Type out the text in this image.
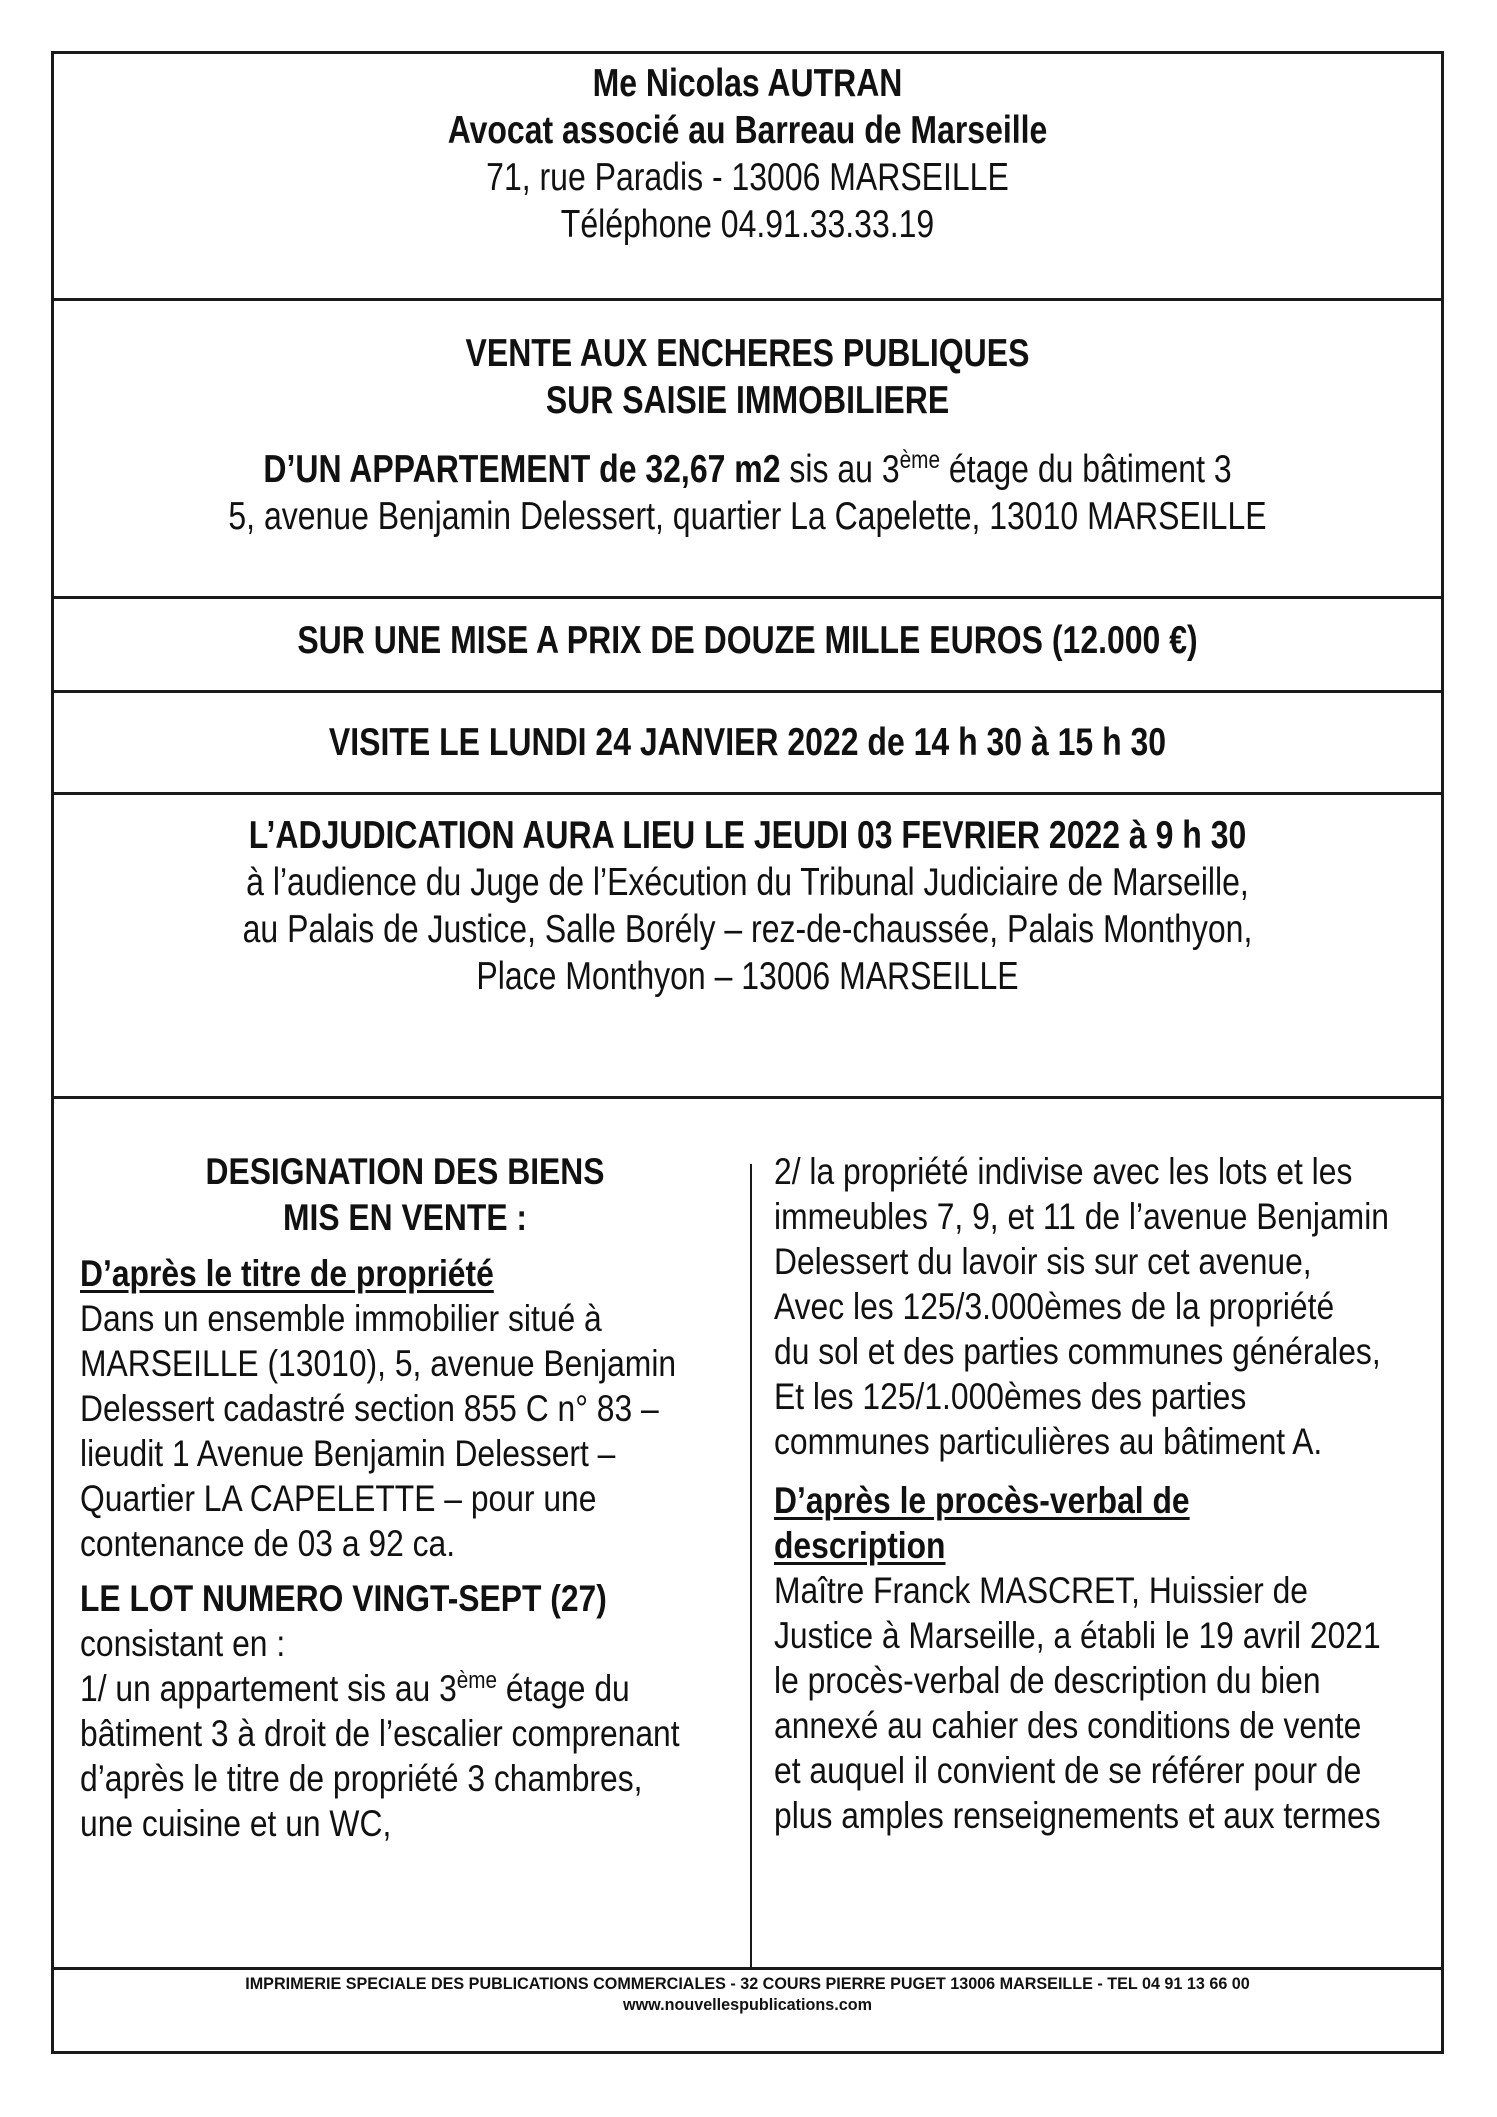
Me Nicolas AUTRAN
Avocat associé au Barreau de Marseille
71, rue Paradis - 13006 MARSEILLE
Téléphone 04.91.33.33.19
VENTE AUX ENCHERES PUBLIQUES
SUR SAISIE IMMOBILIERE
D’UN APPARTEMENT de 32,67 m2 sis au 3ème étage du bâtiment 3
5, avenue Benjamin Delessert, quartier La Capelette, 13010 MARSEILLE
SUR UNE MISE A PRIX DE DOUZE MILLE EUROS (12.000 €)
VISITE LE LUNDI 24 JANVIER 2022 de 14 h 30 à 15 h 30
L’ADJUDICATION AURA LIEU LE JEUDI 03 FEVRIER 2022 à 9 h 30
à l’audience du Juge de l’Exécution du Tribunal Judiciaire de Marseille,
au Palais de Justice, Salle Borély – rez-de-chaussée, Palais Monthyon,
Place Monthyon – 13006 MARSEILLE
DESIGNATION DES BIENS
MIS EN VENTE :
D’après le titre de propriété
Dans un ensemble immobilier situé à
MARSEILLE (13010), 5, avenue Benjamin
Delessert cadastré section 855 C n° 83 –
lieudit 1 Avenue Benjamin Delessert –
Quartier LA CAPELETTE – pour une
contenance de 03 a 92 ca.
LE LOT NUMERO VINGT-SEPT (27)
consistant en :
1/ un appartement sis au 3ème étage du
bâtiment 3 à droit de l’escalier comprenant
d’après le titre de propriété 3 chambres,
une cuisine et un WC,
2/ la propriété indivise avec les lots et les
immeubles 7, 9, et 11 de l’avenue Benjamin
Delessert du lavoir sis sur cet avenue,
Avec les 125/3.000èmes de la propriété
du sol et des parties communes générales,
Et les 125/1.000èmes des parties
communes particulières au bâtiment A.
D’après le procès-verbal de
description
Maître Franck MASCRET, Huissier de
Justice à Marseille, a établi le 19 avril 2021
le procès-verbal de description du bien
annexé au cahier des conditions de vente
et auquel il convient de se référer pour de
plus amples renseignements et aux termes
IMPRIMERIE SPECIALE DES PUBLICATIONS COMMERCIALES - 32 COURS PIERRE PUGET 13006 MARSEILLE - TEL 04 91 13 66 00
www.nouvellespublications.com
